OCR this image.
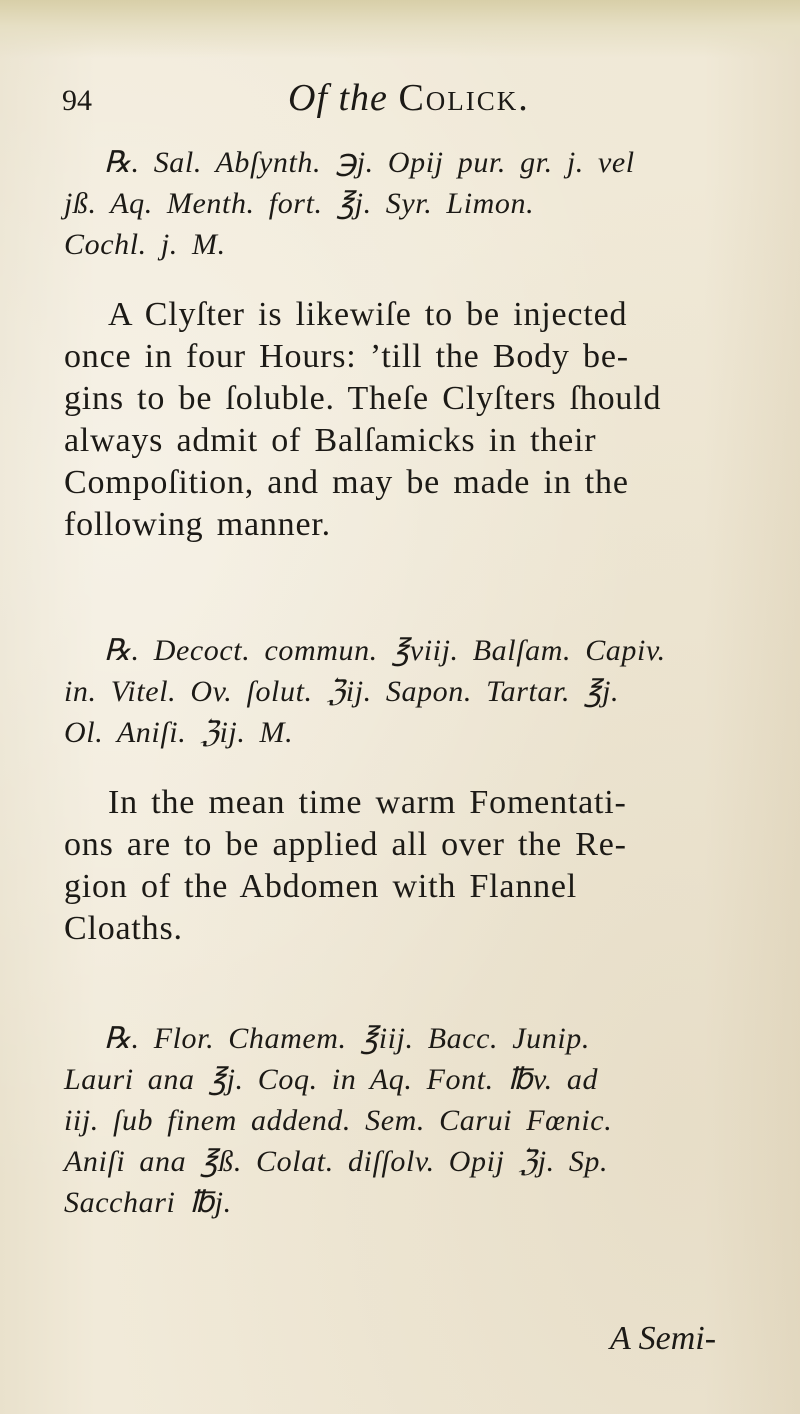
94	Of the Colick.
℞. Sal. Abſynth. ℈j. Opij pur. gr. j. vel
jß. Aq. Menth. fort. ℥j. Syr. Limon.
Cochl. j. M.
A Clyſter is likewiſe to be injected
once in four Hours: ’till the Body be-
gins to be ſoluble. Theſe Clyſters ſhould
always admit of Balſamicks in their
Compoſition, and may be made in the
following manner.
℞. Decoct. commun. ℥viij. Balſam. Capiv.
in. Vitel. Ov. ſolut. ℨij. Sapon. Tartar. ℥j.
Ol. Aniſi. ℨij. M.
In the mean time warm Fomentati-
ons are to be applied all over the Re-
gion of the Abdomen with Flannel
Cloaths.
℞. Flor. Chamem. ℥iij. Bacc. Junip.
Lauri ana ℥j. Coq. in Aq. Font. ℔v. ad
iij. ſub finem addend. Sem. Carui Fœnic.
Aniſi ana ℥ß. Colat. diſſolv. Opij ℨj. Sp.
Sacchari ℔j.
A Semi-
